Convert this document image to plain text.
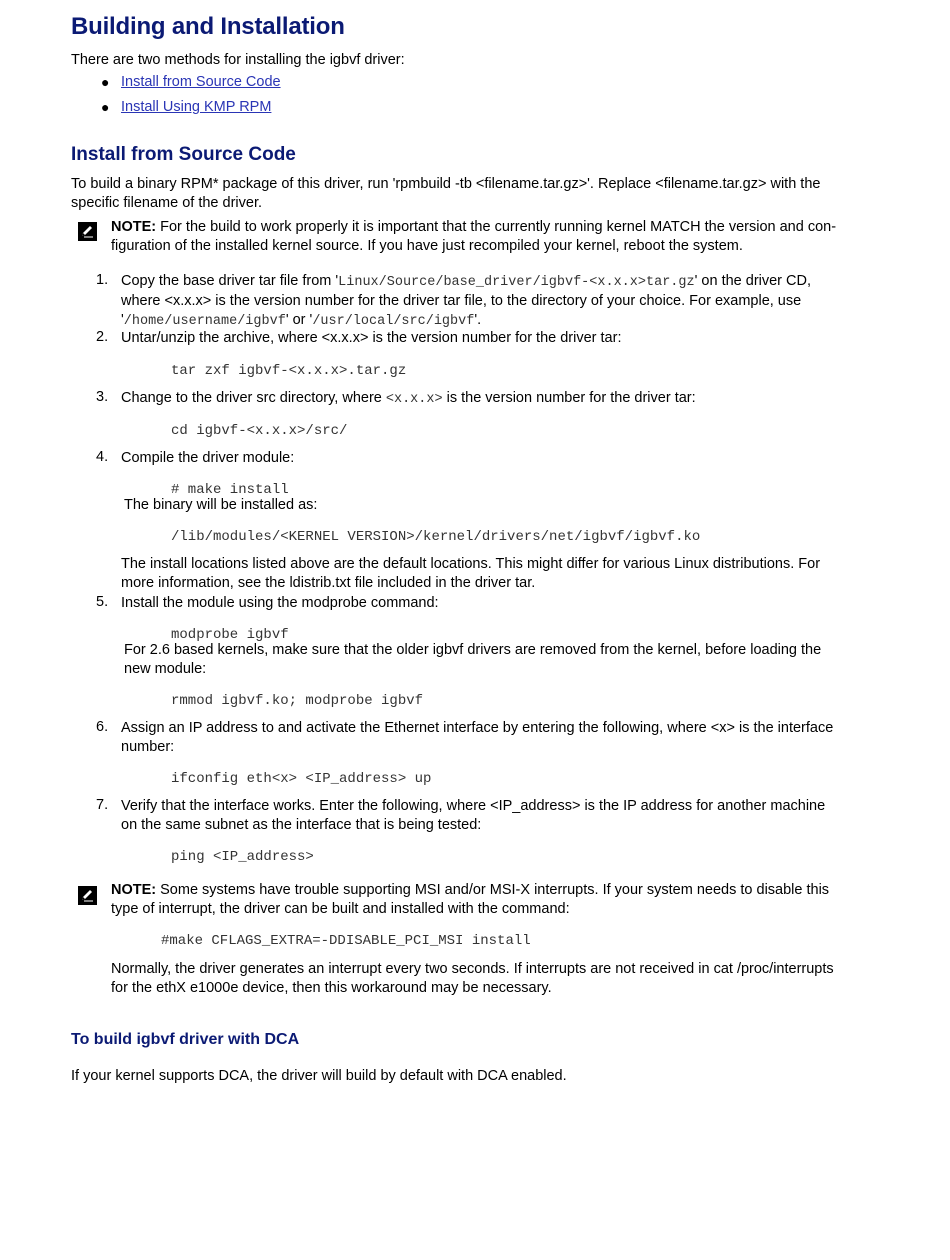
Building and Installation
There are two methods for installing the igbvf driver:
● Install from Source Code
● Install Using KMP RPM
Install from Source Code
To build a binary RPM* package of this driver, run 'rpmbuild -tb <filename.tar.gz>'. Replace <filename.tar.gz> with the
specific filename of the driver.
NOTE: For the build to work properly it is important that the currently running kernel MATCH the version and con-
figuration of the installed kernel source. If you have just recompiled your kernel, reboot the system.
1. Copy the base driver tar file from 'Linux/Source/base_driver/igbvf-<x.x.x>tar.gz' on the driver CD,
where <x.x.x> is the version number for the driver tar file, to the directory of your choice. For example, use
'/home/username/igbvf' or '/usr/local/src/igbvf'.
2. Untar/unzip the archive, where <x.x.x> is the version number for the driver tar:
tar zxf igbvf-<x.x.x>.tar.gz
3. Change to the driver src directory, where <x.x.x> is the version number for the driver tar:
cd igbvf-<x.x.x>/src/
4. Compile the driver module:
# make install
The binary will be installed as:
/lib/modules/<KERNEL VERSION>/kernel/drivers/net/igbvf/igbvf.ko
The install locations listed above are the default locations. This might differ for various Linux distributions. For
more information, see the ldistrib.txt file included in the driver tar.
5. Install the module using the modprobe command:
modprobe igbvf
For 2.6 based kernels, make sure that the older igbvf drivers are removed from the kernel, before loading the
new module:
rmmod igbvf.ko; modprobe igbvf
6. Assign an IP address to and activate the Ethernet interface by entering the following, where <x> is the interface
number:
ifconfig eth<x> <IP_address> up
7. Verify that the interface works. Enter the following, where <IP_address> is the IP address for another machine
on the same subnet as the interface that is being tested:
ping <IP_address>
NOTE: Some systems have trouble supporting MSI and/or MSI-X interrupts. If your system needs to disable this
type of interrupt, the driver can be built and installed with the command:
#make CFLAGS_EXTRA=-DDISABLE_PCI_MSI install
Normally, the driver generates an interrupt every two seconds. If interrupts are not received in cat /proc/interrupts
for the ethX e1000e device, then this workaround may be necessary.
To build igbvf driver with DCA
If your kernel supports DCA, the driver will build by default with DCA enabled.
